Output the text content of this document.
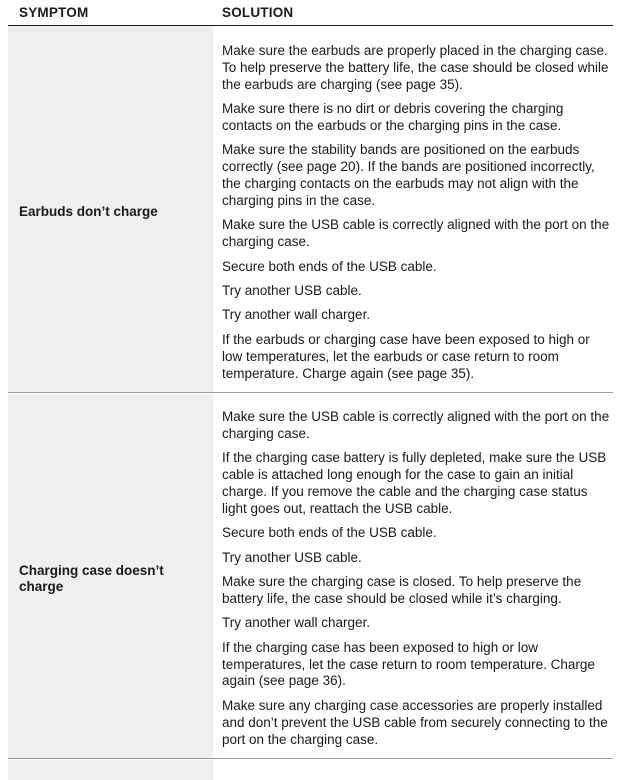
SYMPTOM	SOLUTION
Earbuds don’t charge
Make sure the earbuds are properly placed in the charging case. To help preserve the battery life, the case should be closed while the earbuds are charging (see page 35).
Make sure there is no dirt or debris covering the charging contacts on the earbuds or the charging pins in the case.
Make sure the stability bands are positioned on the earbuds correctly (see page 20). If the bands are positioned incorrectly, the charging contacts on the earbuds may not align with the charging pins in the case.
Make sure the USB cable is correctly aligned with the port on the charging case.
Secure both ends of the USB cable.
Try another USB cable.
Try another wall charger.
If the earbuds or charging case have been exposed to high or low temperatures, let the earbuds or case return to room temperature. Charge again (see page 35).
Charging case doesn’t charge
Make sure the USB cable is correctly aligned with the port on the charging case.
If the charging case battery is fully depleted, make sure the USB cable is attached long enough for the case to gain an initial charge. If you remove the cable and the charging case status light goes out, reattach the USB cable.
Secure both ends of the USB cable.
Try another USB cable.
Make sure the charging case is closed. To help preserve the battery life, the case should be closed while it’s charging.
Try another wall charger.
If the charging case has been exposed to high or low temperatures, let the case return to room temperature. Charge again (see page 36).
Make sure any charging case accessories are properly installed and don’t prevent the USB cable from securely connecting to the port on the charging case.
